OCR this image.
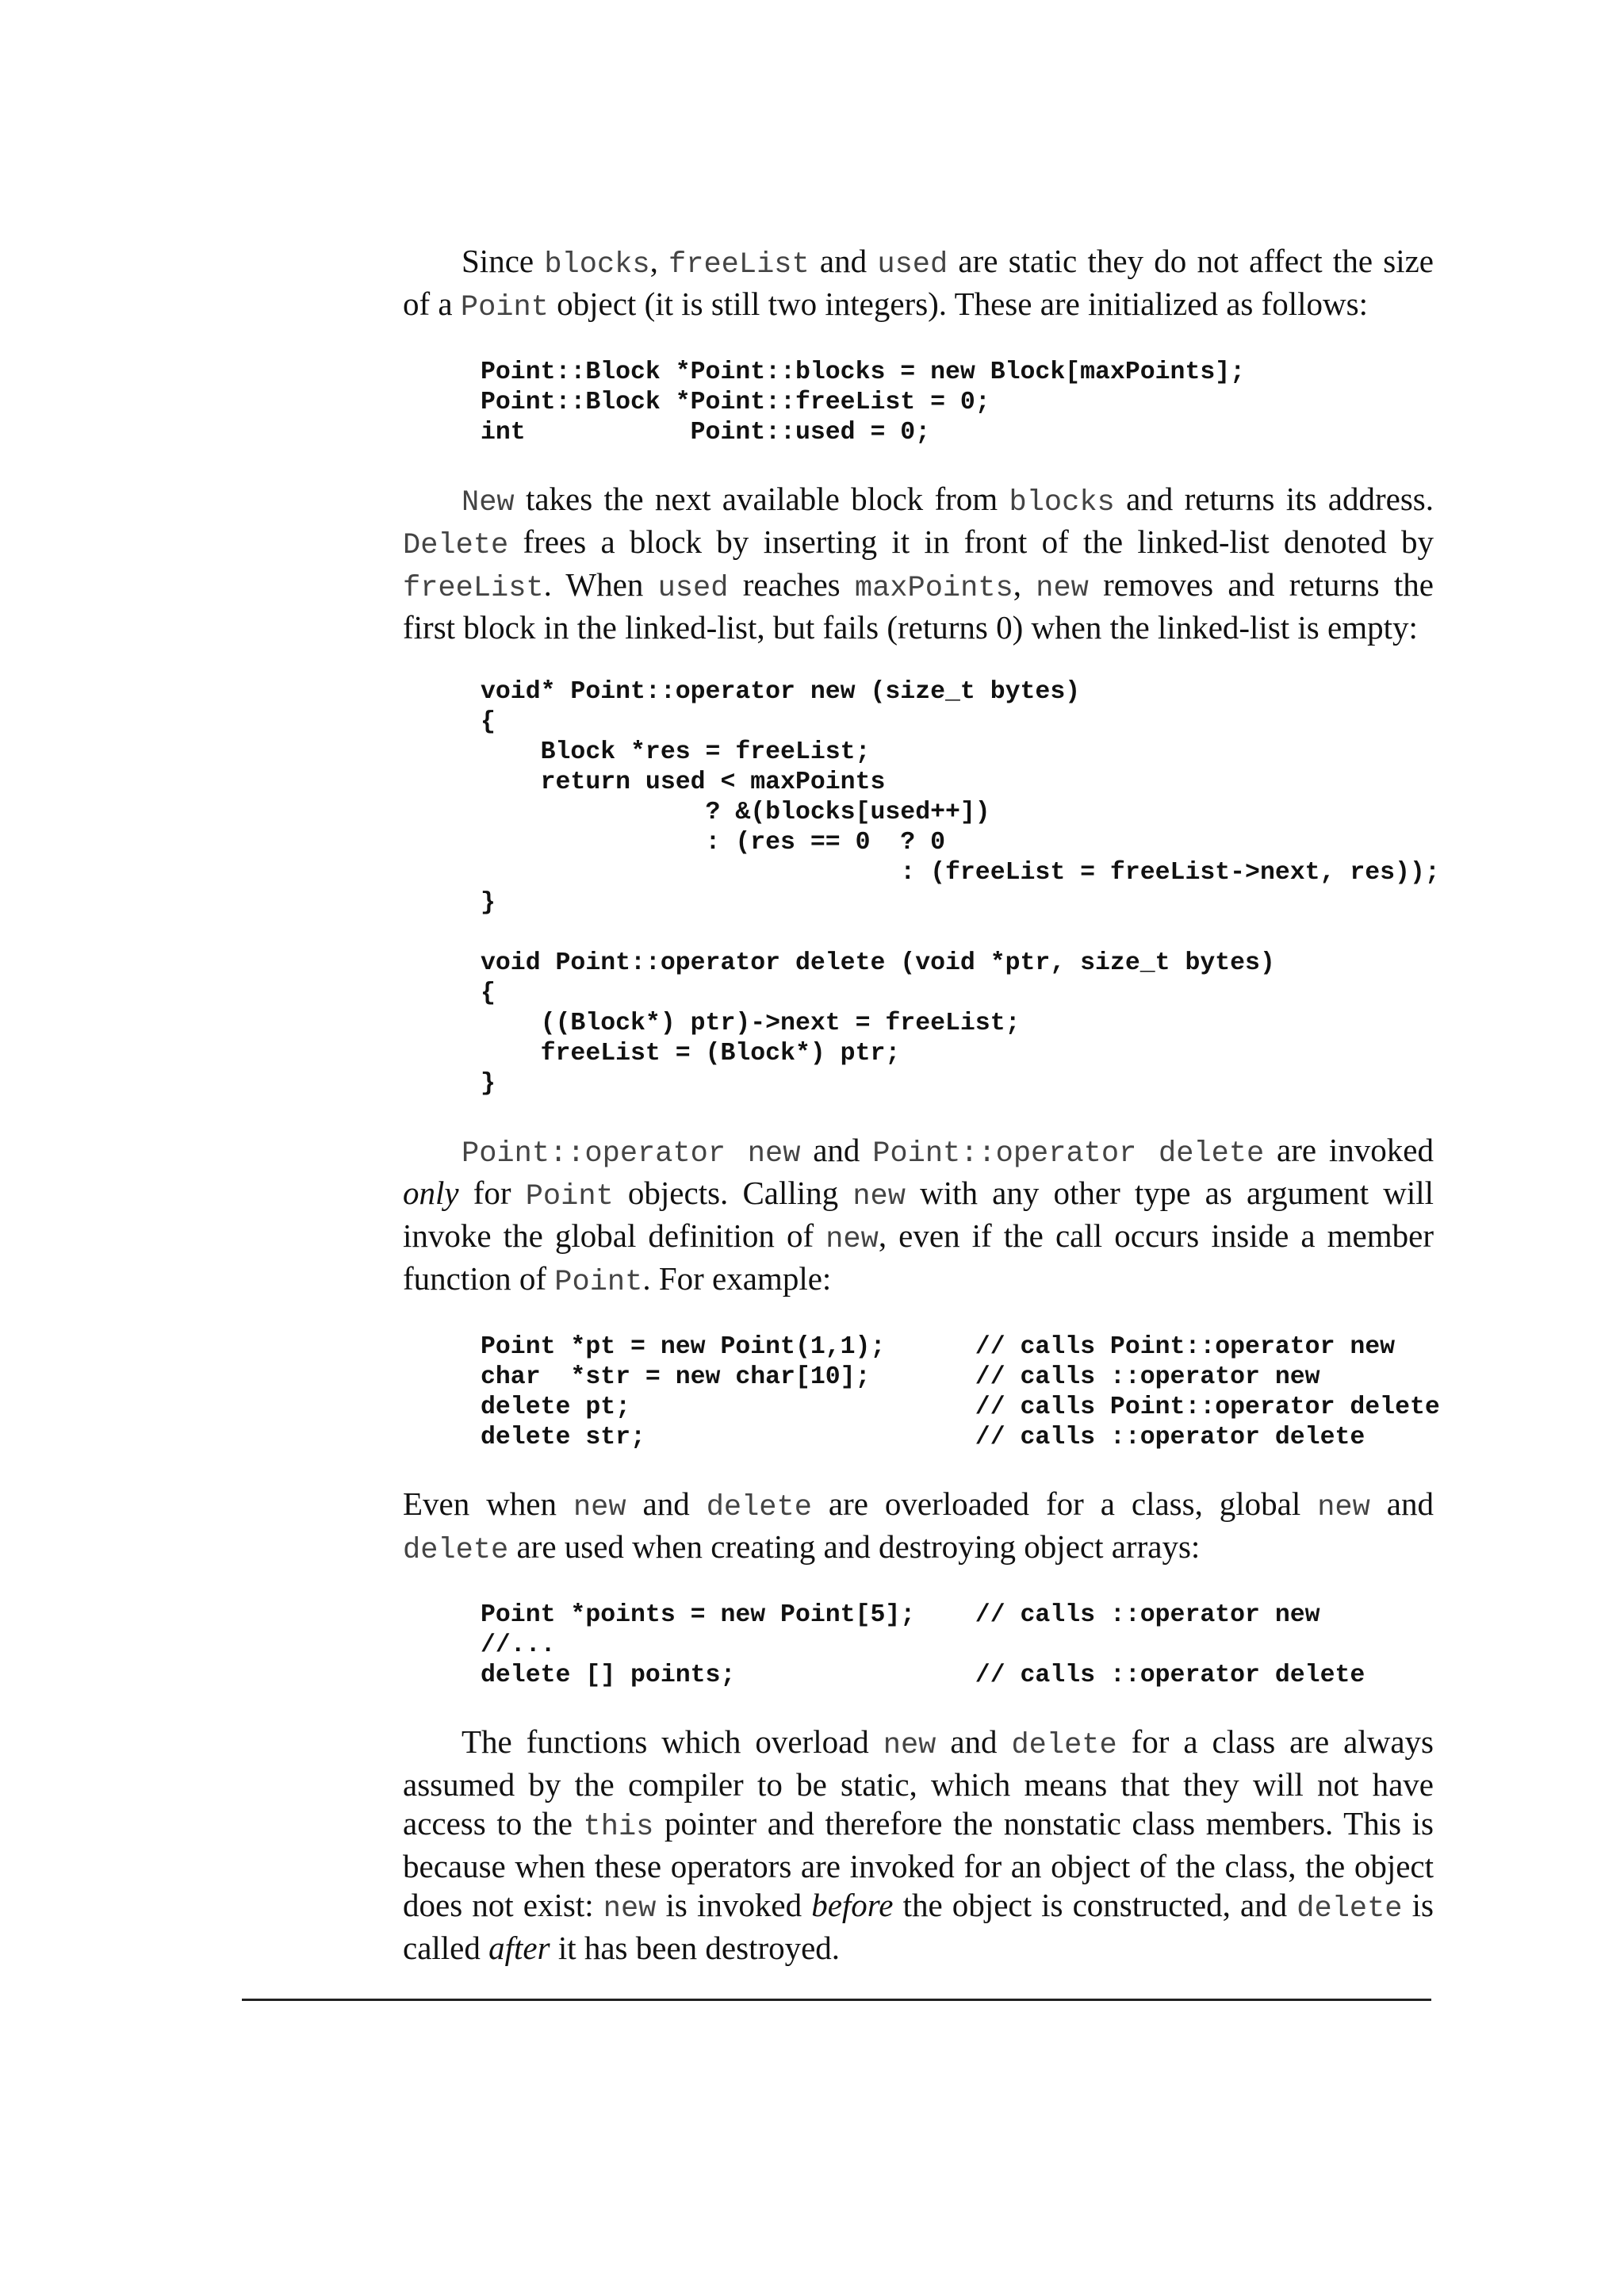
Since blocks, freeList and used are static they do not affect the size of a Point object (it is still two integers). These are initialized as follows:

Point::Block *Point::blocks = new Block[maxPoints];
Point::Block *Point::freeList = 0;
int           Point::used = 0;

New takes the next available block from blocks and returns its address. Delete frees a block by inserting it in front of the linked-list denoted by freeList. When used reaches maxPoints, new removes and returns the first block in the linked-list, but fails (returns 0) when the linked-list is empty:

void* Point::operator new (size_t bytes)
{
Block *res = freeList;
return used < maxPoints
? &(blocks[used++])
: (res == 0  ? 0
: (freeList = freeList->next, res));
}
void Point::operator delete (void *ptr, size_t bytes)
{
((Block*) ptr)->next = freeList;
freeList = (Block*) ptr;
}

Point::operator new and Point::operator delete are invoked only for Point objects. Calling new with any other type as argument will invoke the global definition of new, even if the call occurs inside a member function of Point. For example:

Point *pt = new Point(1,1);      // calls Point::operator new
char  *str = new char[10];       // calls ::operator new
delete pt;                       // calls Point::operator delete
delete str;                      // calls ::operator delete

Even when new and delete are overloaded for a class, global new and delete are used when creating and destroying object arrays:

Point *points = new Point[5];    // calls ::operator new
//...
delete [] points;                // calls ::operator delete

The functions which overload new and delete for a class are always assumed by the compiler to be static, which means that they will not have access to the this pointer and therefore the nonstatic class members. This is because when these operators are invoked for an object of the class, the object does not exist: new is invoked before the object is constructed, and delete is called after it has been destroyed.
